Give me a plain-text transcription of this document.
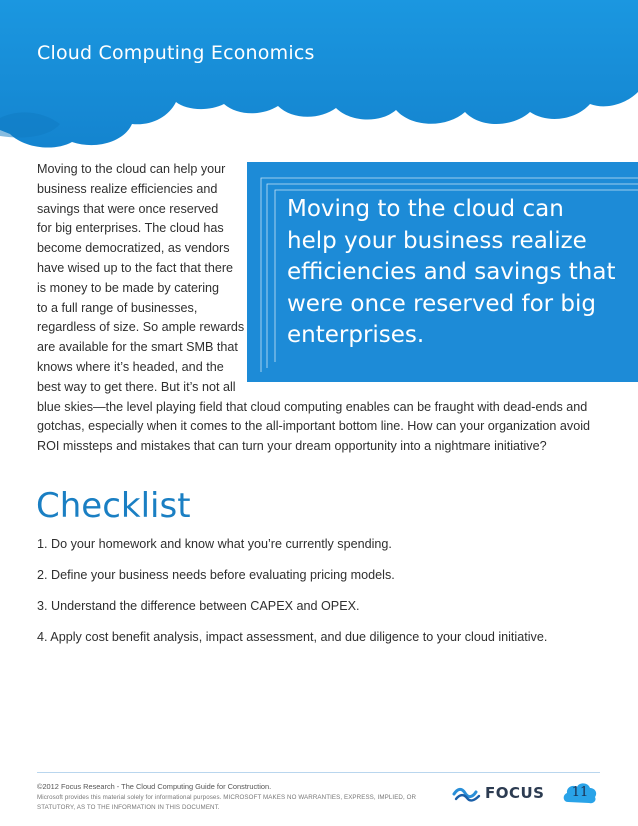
Cloud Computing Economics
Moving to the cloud can help your
business realize efficiencies and
savings that were once reserved
for big enterprises. The cloud has
become democratized, as vendors
have wised up to the fact that there
is money to be made by catering
to a full range of businesses,
regardless of size. So ample rewards
are available for the smart SMB that
knows where it’s headed, and the
best way to get there. But it’s not all
blue skies—the level playing field that cloud computing enables can be fraught with dead-ends and
gotchas, especially when it comes to the all-important bottom line. How can your organization avoid
ROI missteps and mistakes that can turn your dream opportunity into a nightmare initiative?
Moving to the cloud can
help your business realize
efficiencies and savings that
were once reserved for big
enterprises.
Checklist
1. Do your homework and know what you’re currently spending.
2. Define your business needs before evaluating pricing models.
3. Understand the difference between CAPEX and OPEX.
4. Apply cost benefit analysis, impact assessment, and due diligence to your cloud initiative.
©2012 Focus Research - The Cloud Computing Guide for Construction.
Microsoft provides this material solely for informational purposes. MICROSOFT MAKES NO WARRANTIES, EXPRESS, IMPLIED, OR STATUTORY, AS TO THE INFORMATION IN THIS DOCUMENT.
FOCUS	11
